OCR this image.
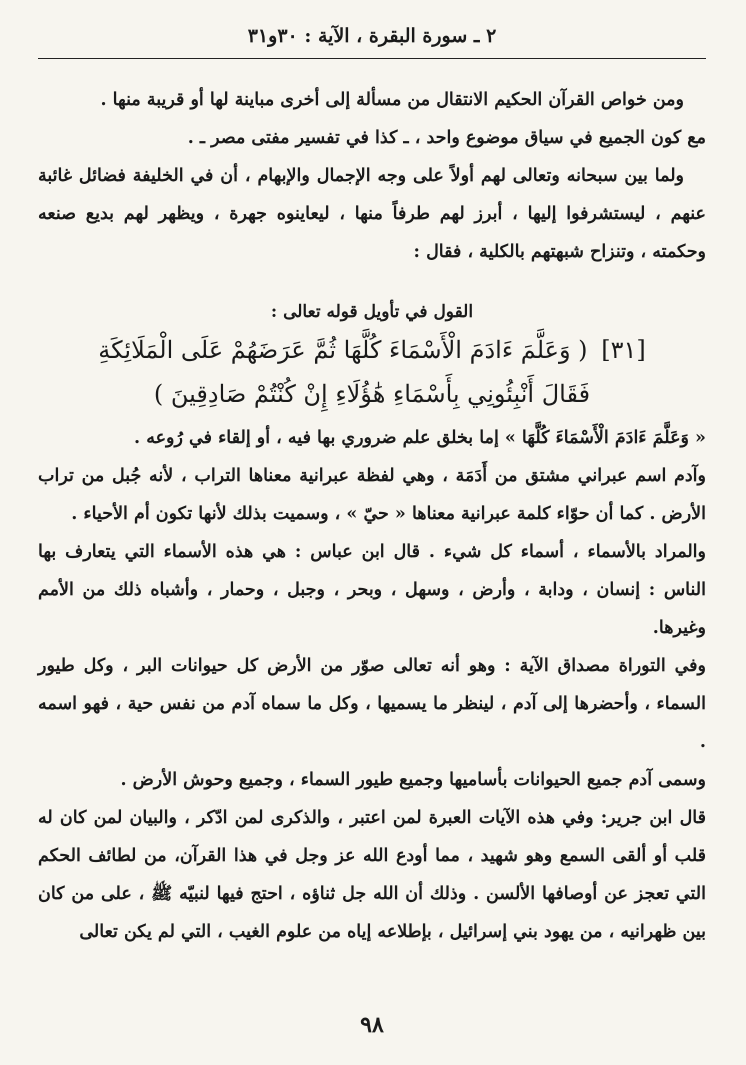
٢ ـ سورة البقرة ، الآية : ٣٠و٣١

ومن خواص القرآن الحكيم الانتقال من مسألة إلى أخرى مباينة لها أو قريبة منها .

مع كون الجميع في سياق موضوع واحد ، ـ كذا في تفسير مفتى مصر ـ .

ولما بين سبحانه وتعالى لهم أولاً على وجه الإجمال والإبهام ، أن في الخليفة فضائل غائبة عنهم ، ليستشرفوا إليها ، أبرز لهم طرفاً منها ، ليعاينوه جهرة ، ويظهر لهم بديع صنعه وحكمته ، وتنزاح شبهتهم بالكلية ، فقال :

القول في تأويل قوله تعالى :
[٣١] ( وَعَلَّمَ ءَادَمَ الْأَسْمَاءَ كُلَّهَا ثُمَّ عَرَضَهُمْ عَلَى الْمَلَائِكَةِ
فَقَالَ أَنْبِئُونِي بِأَسْمَاءِ هَٰؤُلَاءِ إِنْ كُنْتُمْ صَادِقِينَ )

« وَعَلَّمَ ءَادَمَ الْأَسْمَاءَ كُلَّهَا » إما بخلق علم ضروري بها فيه ، أو إلقاء في رُوعه .

وآدم اسم عبراني مشتق من أَدَمَة ، وهي لفظة عبرانية معناها التراب ، لأنه جُبل من تراب الأرض . كما أن حوّاء كلمة عبرانية معناها « حيّ » ، وسميت بذلك لأنها تكون أم الأحياء .

والمراد بالأسماء ، أسماء كل شيء . قال ابن عباس : هي هذه الأسماء التي يتعارف بها الناس : إنسان ، ودابة ، وأرض ، وسهل ، وبحر ، وجبل ، وحمار ، وأشباه ذلك من الأمم وغيرها.

وفي التوراة مصداق الآية : وهو أنه تعالى صوّر من الأرض كل حيوانات البر ، وكل طيور السماء ، وأحضرها إلى آدم ، لينظر ما يسميها ، وكل ما سماه آدم من نفس حية ، فهو اسمه .

وسمى آدم جميع الحيوانات بأساميها وجميع طيور السماء ، وجميع وحوش الأرض .

قال ابن جرير: وفي هذه الآيات العبرة لمن اعتبر ، والذكرى لمن ادّكر ، والبيان لمن كان له قلب أو ألقى السمع وهو شهيد ، مما أودع الله عز وجل في هذا القرآن، من لطائف الحكم التي تعجز عن أوصافها الألسن . وذلك أن الله جل ثناؤه ، احتج فيها لنبيّه ﷺ ، على من كان بين ظهرانيه ، من يهود بني إسرائيل ، بإطلاعه إياه من علوم الغيب ، التي لم يكن تعالى

٩٨
